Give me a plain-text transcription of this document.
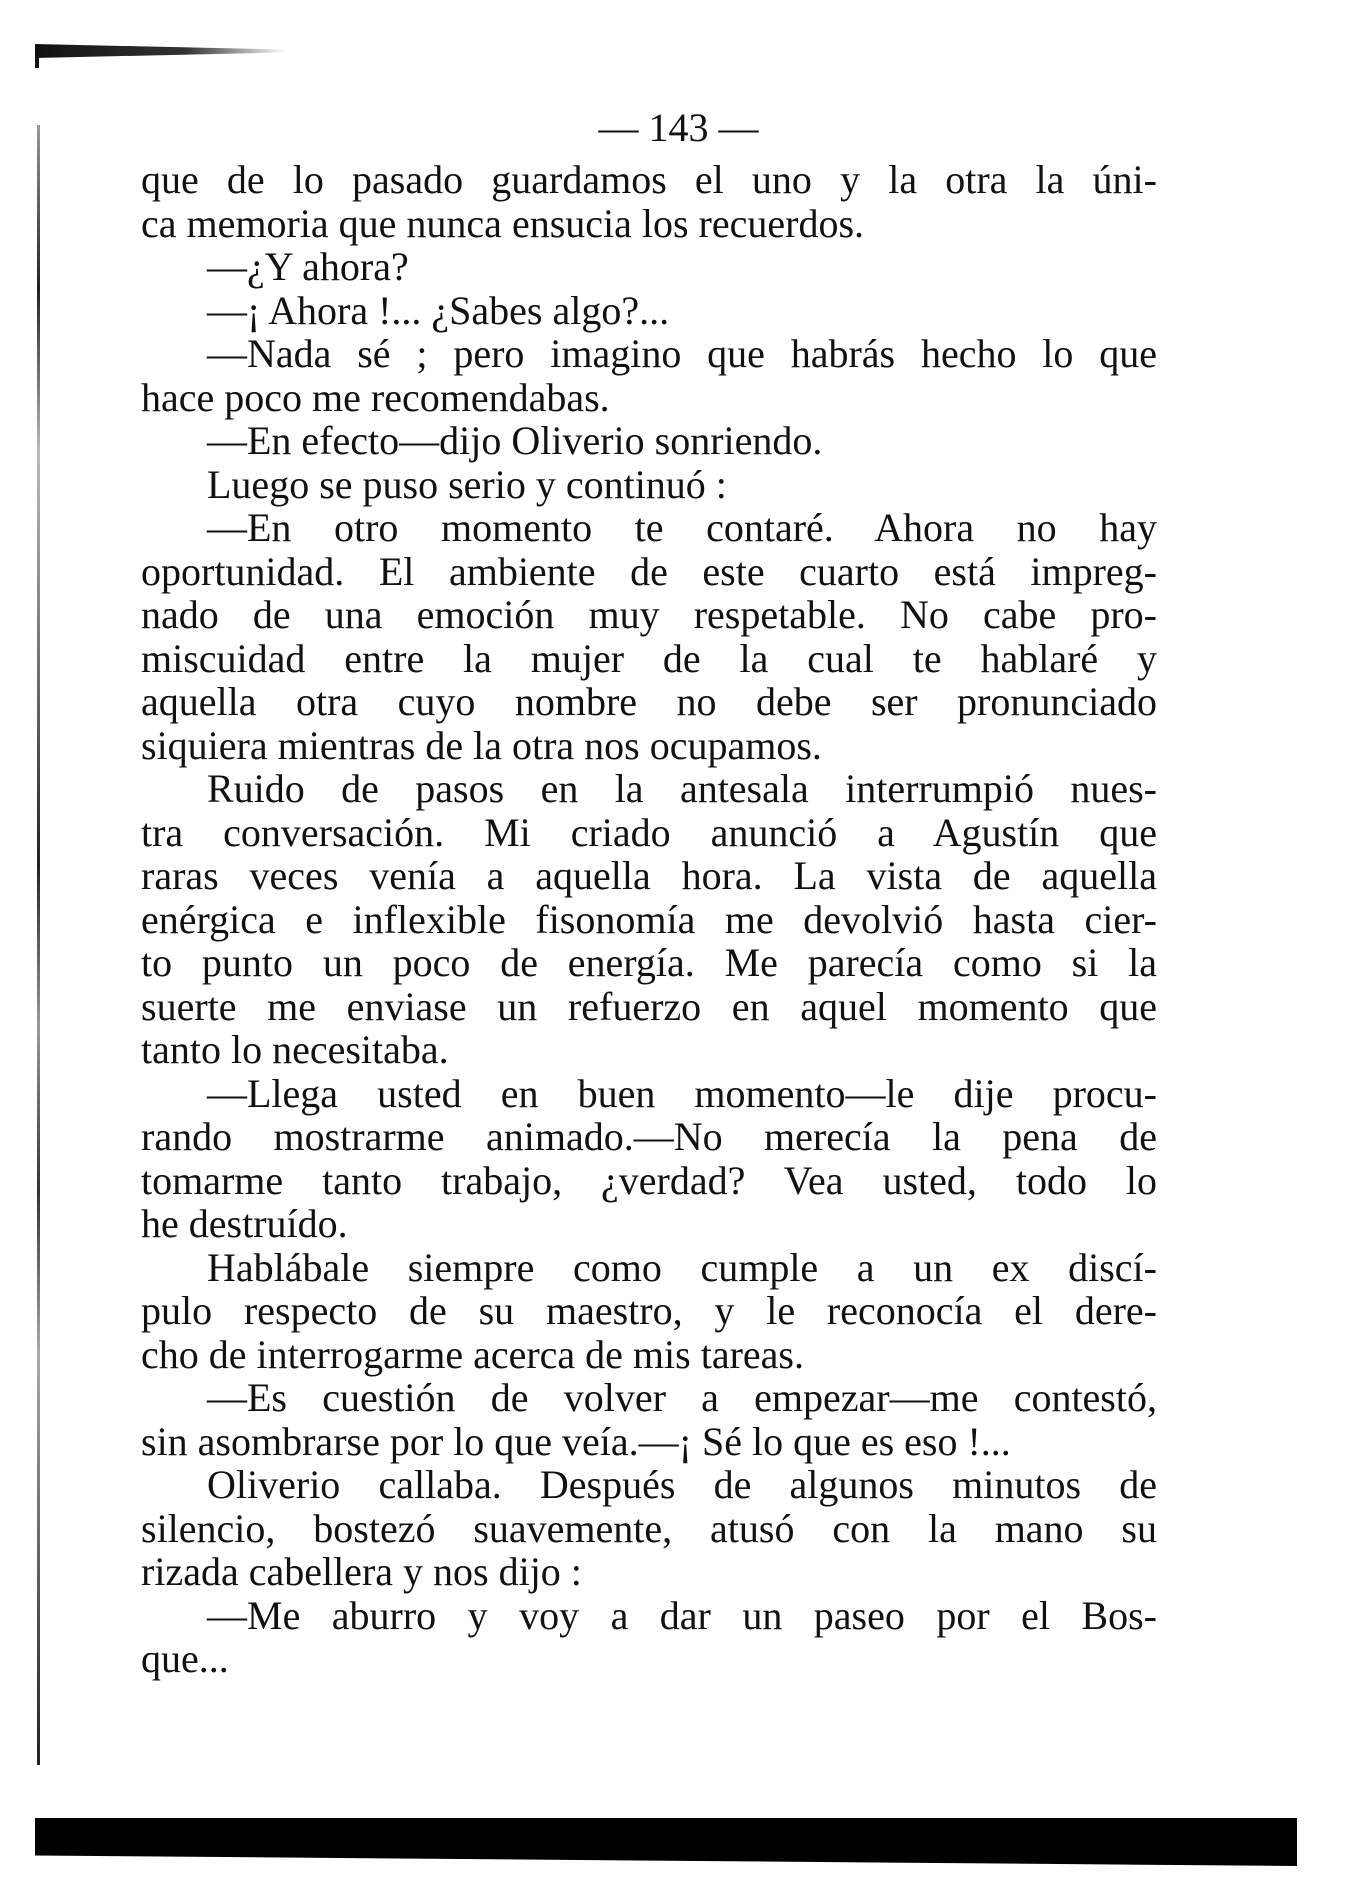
— 143 —
que de lo pasado guardamos el uno y la otra la úni-
ca memoria que nunca ensucia los recuerdos.
—¿Y ahora?
—¡ Ahora !... ¿Sabes algo?...
—Nada sé ; pero imagino que habrás hecho lo que
hace poco me recomendabas.
—En efecto—dijo Oliverio sonriendo.
Luego se puso serio y continuó :
—En otro momento te contaré. Ahora no hay
oportunidad. El ambiente de este cuarto está impreg-
nado de una emoción muy respetable. No cabe pro-
miscuidad entre la mujer de la cual te hablaré y
aquella otra cuyo nombre no debe ser pronunciado
siquiera mientras de la otra nos ocupamos.
Ruido de pasos en la antesala interrumpió nues-
tra conversación. Mi criado anunció a Agustín que
raras veces venía a aquella hora. La vista de aquella
enérgica e inflexible fisonomía me devolvió hasta cier-
to punto un poco de energía. Me parecía como si la
suerte me enviase un refuerzo en aquel momento que
tanto lo necesitaba.
—Llega usted en buen momento—le dije procu-
rando mostrarme animado.—No merecía la pena de
tomarme tanto trabajo, ¿verdad? Vea usted, todo lo
he destruído.
Hablábale siempre como cumple a un ex discí-
pulo respecto de su maestro, y le reconocía el dere-
cho de interrogarme acerca de mis tareas.
—Es cuestión de volver a empezar—me contestó,
sin asombrarse por lo que veía.—¡ Sé lo que es eso !...
Oliverio callaba. Después de algunos minutos de
silencio, bostezó suavemente, atusó con la mano su
rizada cabellera y nos dijo :
—Me aburro y voy a dar un paseo por el Bos-
que...
